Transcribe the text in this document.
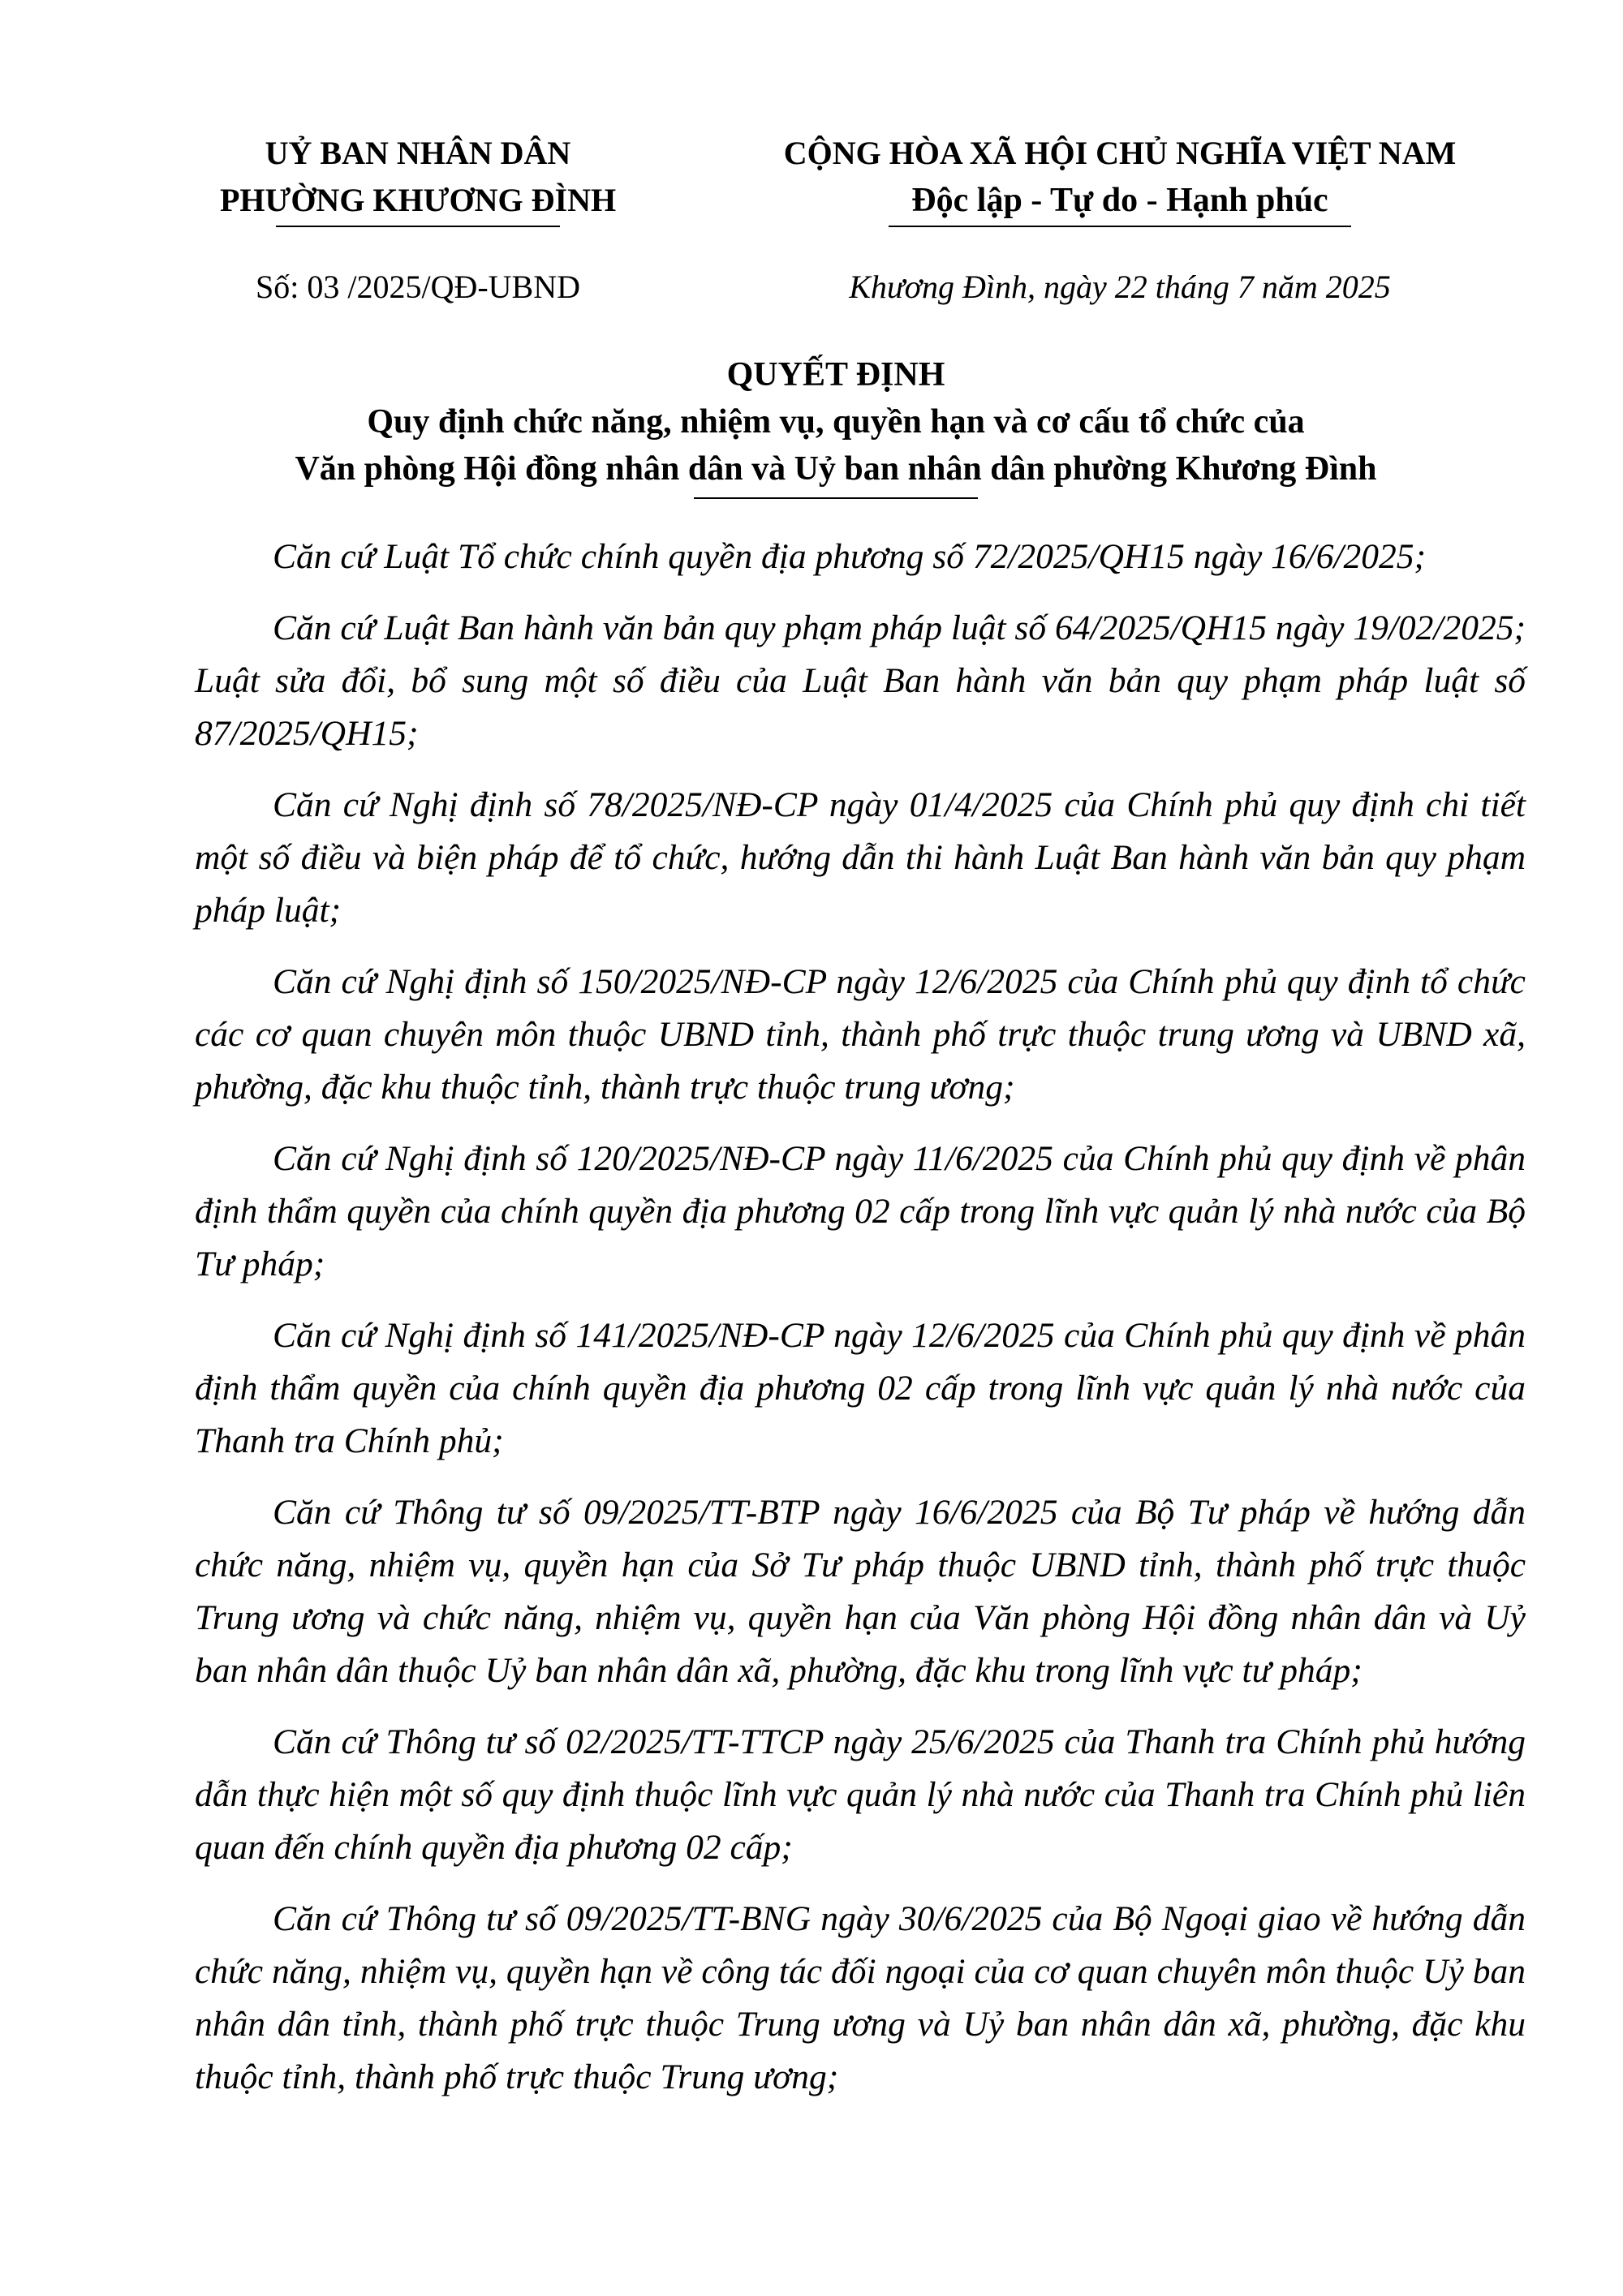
UỶ BAN NHÂN DÂN
PHƯỜNG KHƯƠNG ĐÌNH
Số: 03 /2025/QĐ-UBND
CỘNG HÒA XÃ HỘI CHỦ NGHĨA VIỆT NAM
Độc lập - Tự do - Hạnh phúc
Khương Đình, ngày 22 tháng 7 năm 2025
QUYẾT ĐỊNH
Quy định chức năng, nhiệm vụ, quyền hạn và cơ cấu tổ chức của
Văn phòng Hội đồng nhân dân và Uỷ ban nhân dân phường Khương Đình

Căn cứ Luật Tổ chức chính quyền địa phương số 72/2025/QH15 ngày 16/6/2025;

Căn cứ Luật Ban hành văn bản quy phạm pháp luật số 64/2025/QH15 ngày 19/02/2025; Luật sửa đổi, bổ sung một số điều của Luật Ban hành văn bản quy phạm pháp luật số 87/2025/QH15;

Căn cứ Nghị định số 78/2025/NĐ-CP ngày 01/4/2025 của Chính phủ quy định chi tiết một số điều và biện pháp để tổ chức, hướng dẫn thi hành Luật Ban hành văn bản quy phạm pháp luật;

Căn cứ Nghị định số 150/2025/NĐ-CP ngày 12/6/2025 của Chính phủ quy định tổ chức các cơ quan chuyên môn thuộc UBND tỉnh, thành phố trực thuộc trung ương và UBND xã, phường, đặc khu thuộc tỉnh, thành trực thuộc trung ương;

Căn cứ Nghị định số 120/2025/NĐ-CP ngày 11/6/2025 của Chính phủ quy định về phân định thẩm quyền của chính quyền địa phương 02 cấp trong lĩnh vực quản lý nhà nước của Bộ Tư pháp;

Căn cứ Nghị định số 141/2025/NĐ-CP ngày 12/6/2025 của Chính phủ quy định về phân định thẩm quyền của chính quyền địa phương 02 cấp trong lĩnh vực quản lý nhà nước của Thanh tra Chính phủ;

Căn cứ Thông tư số 09/2025/TT-BTP ngày 16/6/2025 của Bộ Tư pháp về hướng dẫn chức năng, nhiệm vụ, quyền hạn của Sở Tư pháp thuộc UBND tỉnh, thành phố trực thuộc Trung ương và chức năng, nhiệm vụ, quyền hạn của Văn phòng Hội đồng nhân dân và Uỷ ban nhân dân thuộc Uỷ ban nhân dân xã, phường, đặc khu trong lĩnh vực tư pháp;

Căn cứ Thông tư số 02/2025/TT-TTCP ngày 25/6/2025 của Thanh tra Chính phủ hướng dẫn thực hiện một số quy định thuộc lĩnh vực quản lý nhà nước của Thanh tra Chính phủ liên quan đến chính quyền địa phương 02 cấp;

Căn cứ Thông tư số 09/2025/TT-BNG ngày 30/6/2025 của Bộ Ngoại giao về hướng dẫn chức năng, nhiệm vụ, quyền hạn về công tác đối ngoại của cơ quan chuyên môn thuộc Uỷ ban nhân dân tỉnh, thành phố trực thuộc Trung ương và Uỷ ban nhân dân xã, phường, đặc khu thuộc tỉnh, thành phố trực thuộc Trung ương;
